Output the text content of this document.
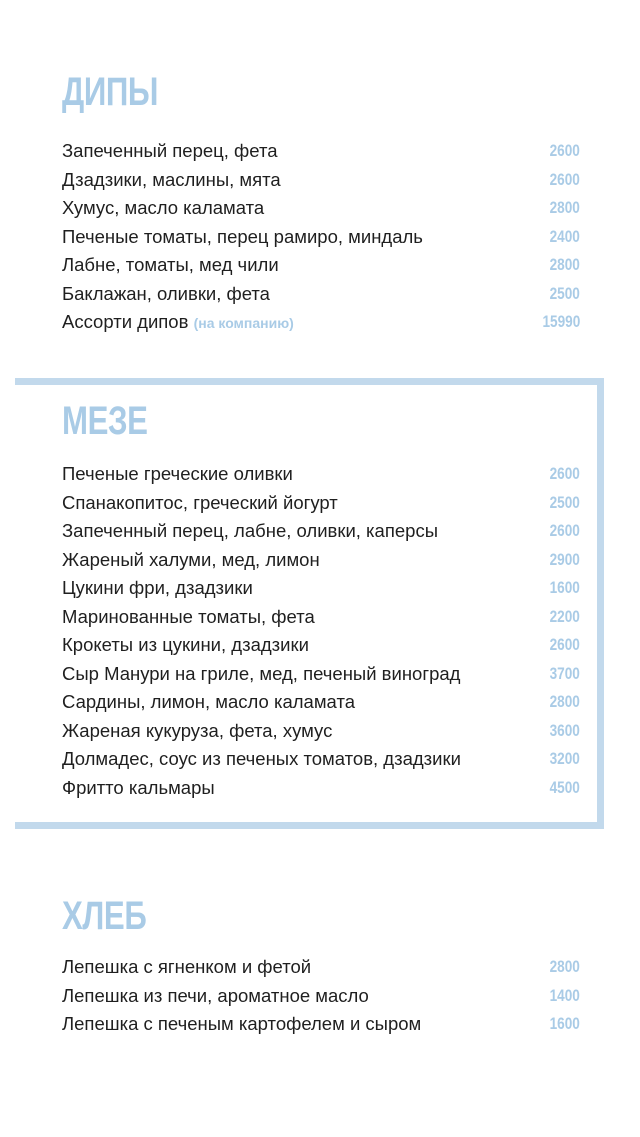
ДИПЫ
Запеченный перец, фета	2600
Дзадзики, маслины, мята	2600
Хумус, масло каламата	2800
Печеные томаты, перец рамиро, миндаль	2400
Лабне, томаты, мед чили	2800
Баклажан, оливки, фета	2500
Ассорти дипов (на компанию)	15990
МЕЗЕ
Печеные греческие оливки	2600
Спанакопитос, греческий йогурт	2500
Запеченный перец, лабне, оливки, каперсы	2600
Жареный халуми, мед, лимон	2900
Цукини фри, дзадзики	1600
Маринованные томаты, фета	2200
Крокеты из цукини, дзадзики	2600
Сыр Манури на гриле, мед, печеный виноград	3700
Сардины, лимон, масло каламата	2800
Жареная кукуруза, фета, хумус	3600
Долмадес, соус из печеных томатов, дзадзики	3200
Фритто кальмары	4500
ХЛЕБ
Лепешка с ягненком и фетой	2800
Лепешка из печи, ароматное масло	1400
Лепешка с печеным картофелем и сыром	1600
